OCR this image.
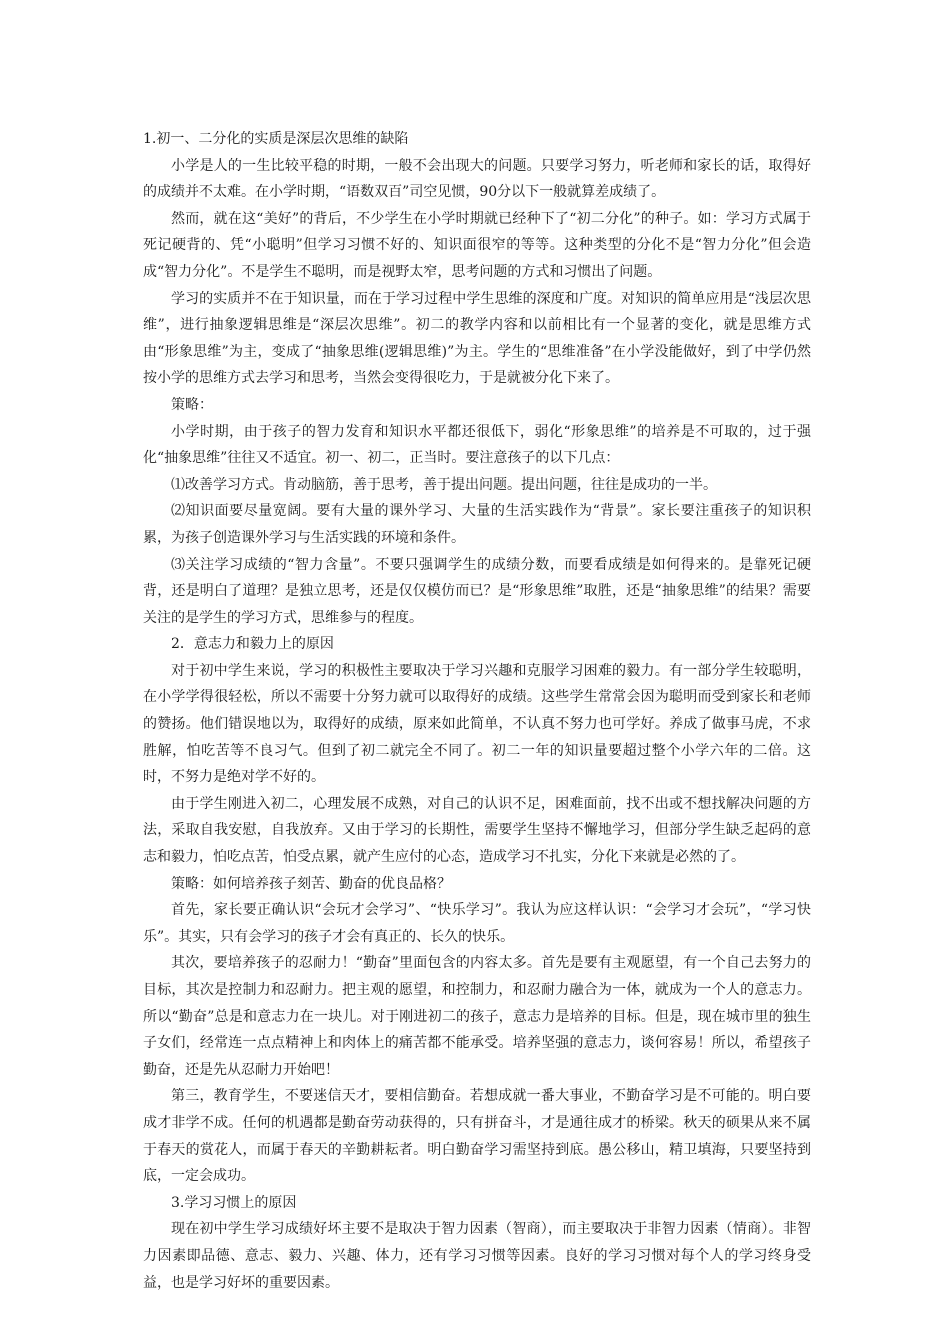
1.初一、二分化的实质是深层次思维的缺陷

小学是人的一生比较平稳的时期，一般不会出现大的问题。只要学习努力，听老师和家长的话，取得好的成绩并不太难。在小学时期，“语数双百”司空见惯，90分以下一般就算差成绩了。

然而，就在这“美好”的背后，不少学生在小学时期就已经种下了“初二分化”的种子。如：学习方式属于死记硬背的、凭“小聪明”但学习习惯不好的、知识面很窄的等等。这种类型的分化不是“智力分化”但会造成“智力分化”。不是学生不聪明，而是视野太窄，思考问题的方式和习惯出了问题。

学习的实质并不在于知识量，而在于学习过程中学生思维的深度和广度。对知识的简单应用是“浅层次思维”，进行抽象逻辑思维是“深层次思维”。初二的教学内容和以前相比有一个显著的变化，就是思维方式由“形象思维”为主，变成了“抽象思维(逻辑思维)”为主。学生的“思维准备”在小学没能做好，到了中学仍然按小学的思维方式去学习和思考，当然会变得很吃力，于是就被分化下来了。

策略：

小学时期，由于孩子的智力发育和知识水平都还很低下，弱化“形象思维”的培养是不可取的，过于强化“抽象思维”往往又不适宜。初一、初二，正当时。要注意孩子的以下几点：

⑴改善学习方式。肯动脑筋，善于思考，善于提出问题。提出问题，往往是成功的一半。

⑵知识面要尽量宽阔。要有大量的课外学习、大量的生活实践作为“背景”。家长要注重孩子的知识积累，为孩子创造课外学习与生活实践的环境和条件。

⑶关注学习成绩的“智力含量”。不要只强调学生的成绩分数，而要看成绩是如何得来的。是靠死记硬背，还是明白了道理？是独立思考，还是仅仅模仿而已？是“形象思维”取胜，还是“抽象思维”的结果？需要关注的是学生的学习方式，思维参与的程度。

2．意志力和毅力上的原因

对于初中学生来说，学习的积极性主要取决于学习兴趣和克服学习困难的毅力。有一部分学生较聪明，在小学学得很轻松，所以不需要十分努力就可以取得好的成绩。这些学生常常会因为聪明而受到家长和老师的赞扬。他们错误地以为，取得好的成绩，原来如此简单，不认真不努力也可学好。养成了做事马虎，不求胜解，怕吃苦等不良习气。但到了初二就完全不同了。初二一年的知识量要超过整个小学六年的二倍。这时，不努力是绝对学不好的。

由于学生刚进入初二，心理发展不成熟，对自己的认识不足，困难面前，找不出或不想找解决问题的方法，采取自我安慰，自我放弃。又由于学习的长期性，需要学生坚持不懈地学习，但部分学生缺乏起码的意志和毅力，怕吃点苦，怕受点累，就产生应付的心态，造成学习不扎实，分化下来就是必然的了。

策略：如何培养孩子刻苦、勤奋的优良品格？

首先，家长要正确认识“会玩才会学习”、“快乐学习”。我认为应这样认识：“会学习才会玩”，“学习快乐”。其实，只有会学习的孩子才会有真正的、长久的快乐。

其次，要培养孩子的忍耐力！“勤奋”里面包含的内容太多。首先是要有主观愿望，有一个自己去努力的目标，其次是控制力和忍耐力。把主观的愿望，和控制力，和忍耐力融合为一体，就成为一个人的意志力。所以“勤奋”总是和意志力在一块儿。对于刚进初二的孩子，意志力是培养的目标。但是，现在城市里的独生子女们，经常连一点点精神上和肉体上的痛苦都不能承受。培养坚强的意志力，谈何容易！所以，希望孩子勤奋，还是先从忍耐力开始吧！

第三，教育学生，不要迷信天才，要相信勤奋。若想成就一番大事业，不勤奋学习是不可能的。明白要成才非学不成。任何的机遇都是勤奋劳动获得的，只有拼奋斗，才是通往成才的桥梁。秋天的硕果从来不属于春天的赏花人，而属于春天的辛勤耕耘者。明白勤奋学习需坚持到底。愚公移山，精卫填海，只要坚持到底，一定会成功。

3.学习习惯上的原因

现在初中学生学习成绩好坏主要不是取决于智力因素（智商），而主要取决于非智力因素（情商）。非智力因素即品德、意志、毅力、兴趣、体力，还有学习习惯等因素。良好的学习习惯对每个人的学习终身受益，也是学习好坏的重要因素。
